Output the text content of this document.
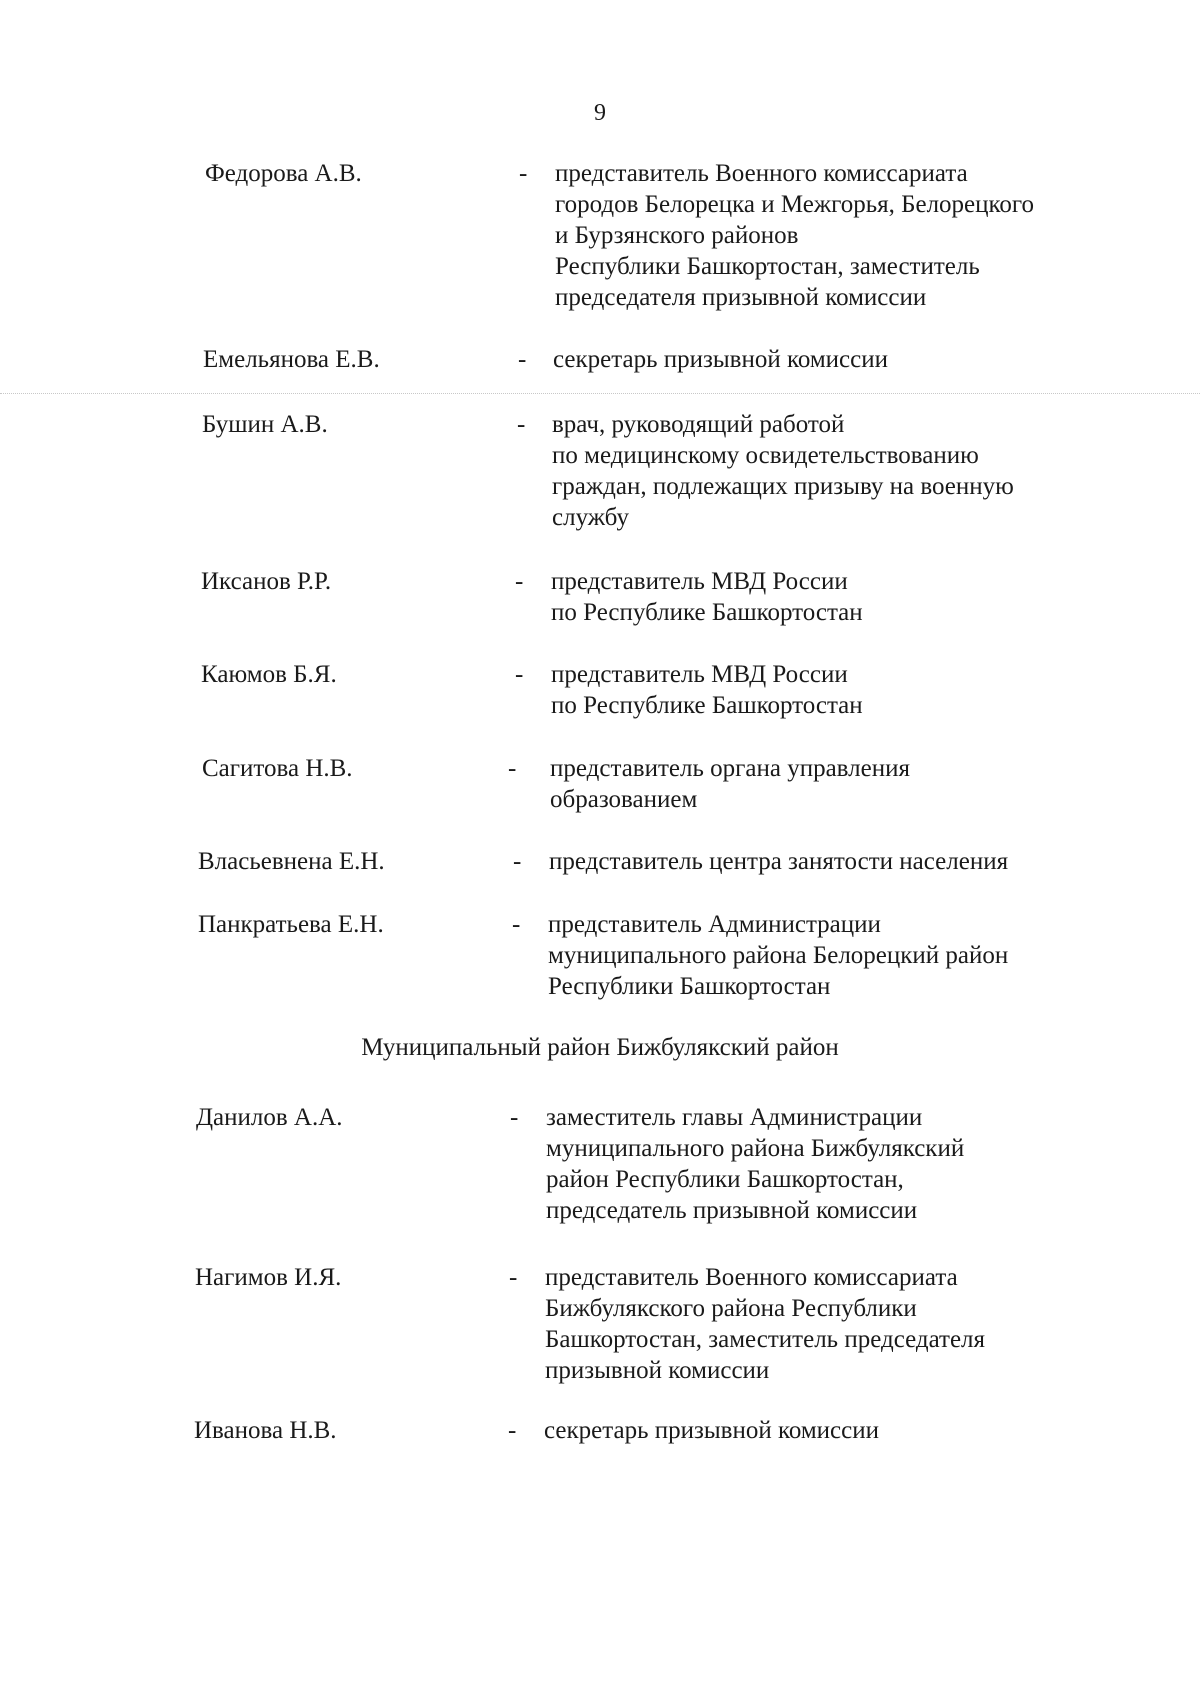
9
Федорова А.В.	- представитель Военного комиссариата
городов Белорецка и Межгорья, Белорецкого
и Бурзянского районов
Республики Башкортостан, заместитель
председателя призывной комиссии
Емельянова Е.В.	- секретарь призывной комиссии
Бушин А.В.	- врач, руководящий работой
по медицинскому освидетельствованию
граждан, подлежащих призыву на военную
службу
Иксанов Р.Р.	- представитель МВД России
по Республике Башкортостан
Каюмов Б.Я.	- представитель МВД России
по Республике Башкортостан
Сагитова Н.В.	- представитель органа управления
образованием
Власьевнена Е.Н.	- представитель центра занятости населения
Панкратьева Е.Н.	- представитель Администрации
муниципального района Белорецкий район
Республики Башкортостан
Муниципальный район Бижбулякский район
Данилов А.А.	- заместитель главы Администрации
муниципального района Бижбулякский
район Республики Башкортостан,
председатель призывной комиссии
Нагимов И.Я.	- представитель Военного комиссариата
Бижбулякского района Республики
Башкортостан, заместитель председателя
призывной комиссии
Иванова Н.В.	- секретарь призывной комиссии
